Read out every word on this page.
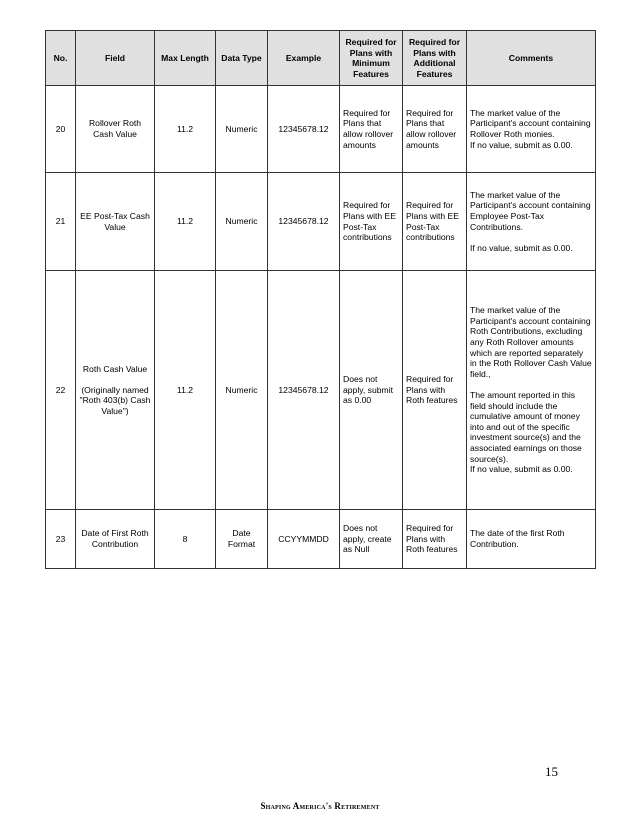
No.	Field	Max Length	Data Type	Example	Required for Plans with Minimum Features	Required for Plans with Additional Features	Comments
20	Rollover Roth Cash Value	11.2	Numeric	12345678.12	Required for Plans that allow rollover amounts	Required for Plans that allow rollover amounts	The market value of the Participant's account containing Rollover Roth monies.
If no value, submit as 0.00.
21	EE Post-Tax Cash Value	11.2	Numeric	12345678.12	Required for Plans with EE Post-Tax contributions	Required for Plans with EE Post-Tax contributions	The market value of the Participant's account containing Employee Post-Tax Contributions.

If no value, submit as 0.00.
22	Roth Cash Value

(Originally named "Roth 403(b) Cash Value")	11.2	Numeric	12345678.12	Does not apply, submit as 0.00	Required for Plans with Roth features	The market value of the Participant's account containing Roth Contributions, excluding any Roth Rollover amounts which are reported separately in the Roth Rollover Cash Value field.,

The amount reported in this field should include the cumulative amount of money into and out of the specific investment source(s) and the associated earnings on those source(s).
If no value, submit as 0.00.
23	Date of First Roth Contribution	8	Date Format	CCYYMMDD	Does not apply, create as Null	Required for Plans with Roth features	The date of the first Roth Contribution.
15
Shaping America's Retirement
